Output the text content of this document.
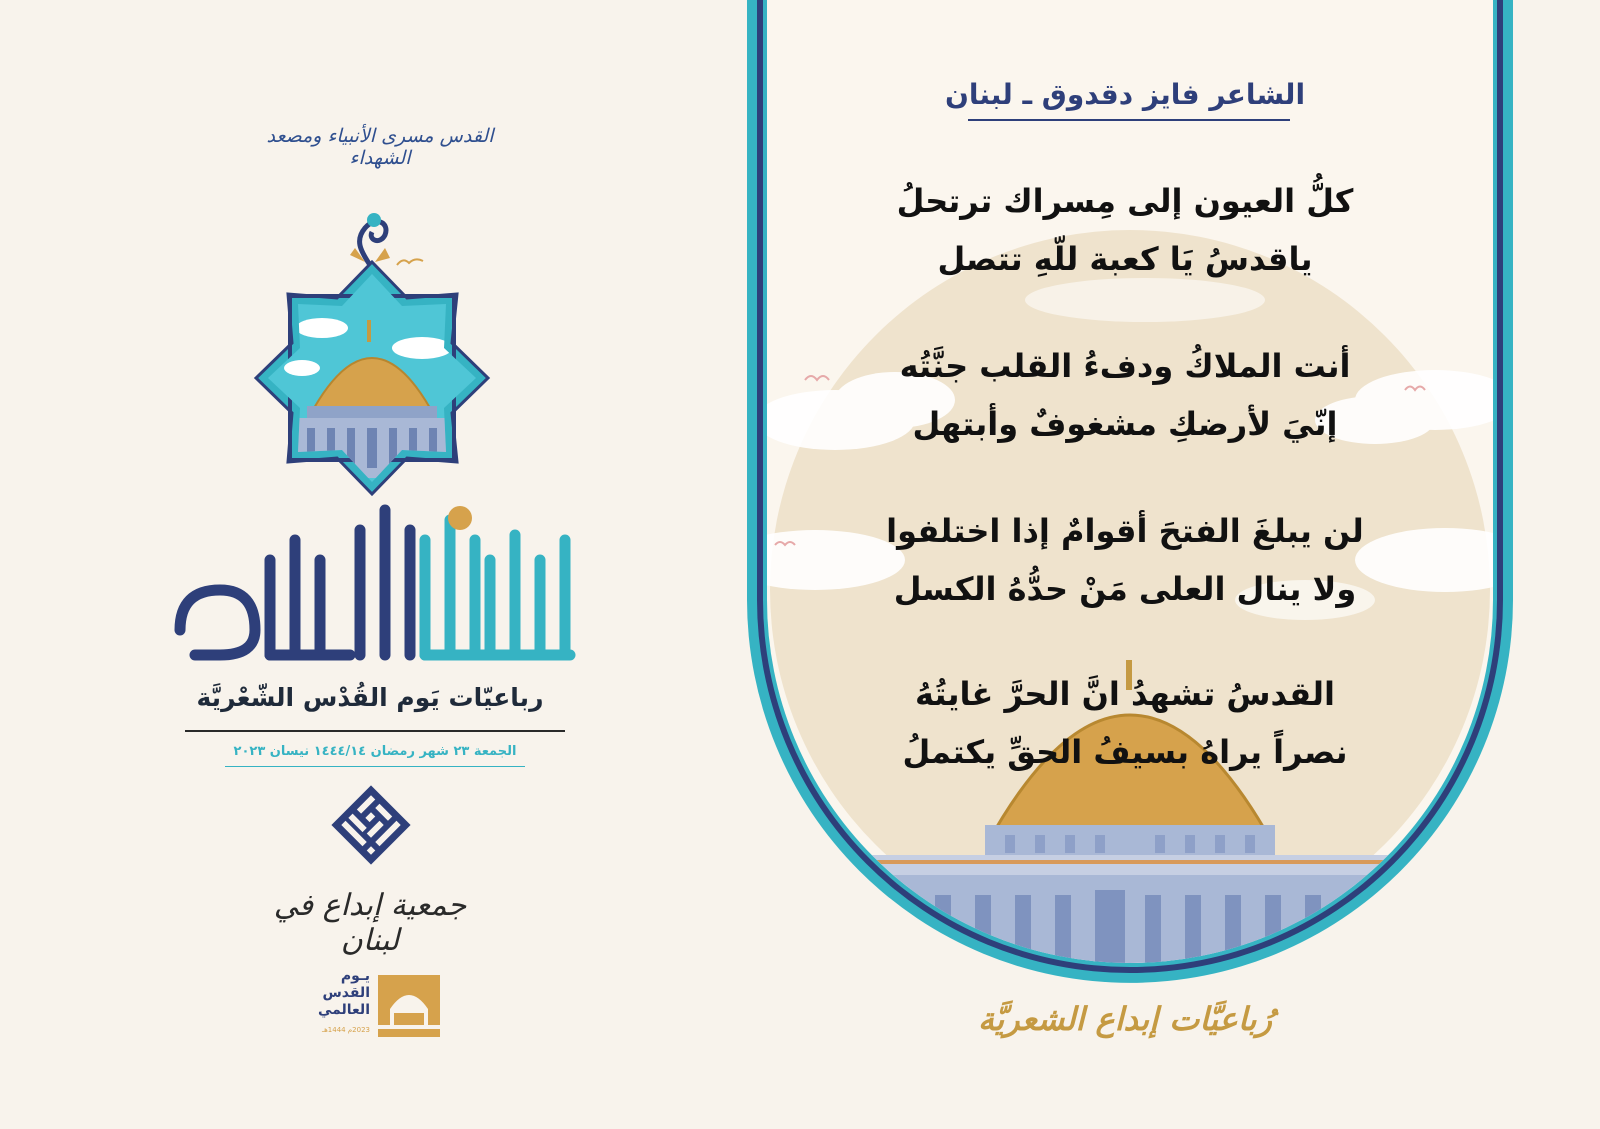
القدس مسرى الأنبياء ومصعد الشهداء
رباعيّات يَوم القُدْس الشّعْريَّة
الجمعة ٢٣ شهر رمضان ١٤٤٤/١٤ نيسان ٢٠٢٣
جمعية إبداع في لبنان
يـوم
القدس
العالمي
2023م 1444هـ
الشاعر فايز دقدوق ـ لبنان
كلُّ العيون إلى مِسراك ترتحلُ
ياقدسُ يَا كعبة للّهِ تتصل
أنت الملاكُ ودفءُ القلب جنَّتُه
إنّيَ لأرضكِ مشغوفٌ وأبتهل
لن يبلغَ الفتحَ أقوامٌ إذا اختلفوا
ولا ينال العلى مَنْ حدُّهُ الكسل
القدسُ تشهدُ انَّ الحرَّ غايتُهُ
نصراً يراهُ بسيفُ الحقِّ يكتملُ
رُباعيَّات إبداع الشعريَّة
